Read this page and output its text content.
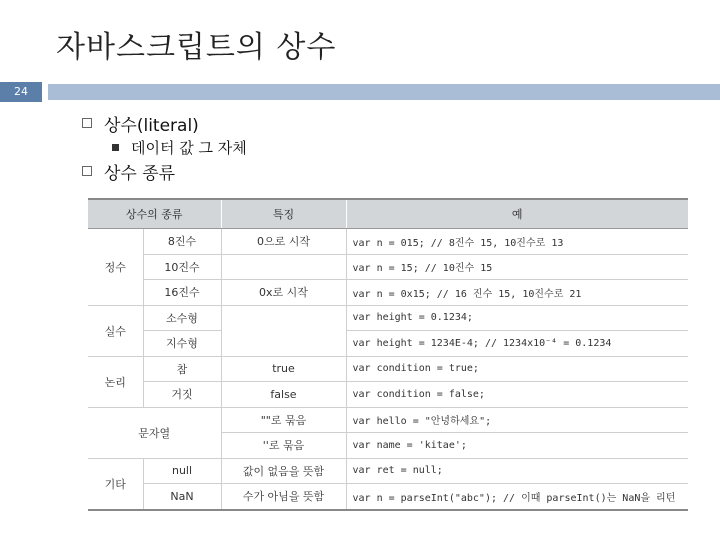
자바스크립트의 상수
24
상수(literal)
데이터 값 그 자체
상수 종류
상수의 종류		특징	예
정수	8진수	0으로 시작	var n = 015; // 8진수 15, 10진수로 13
	10진수		var n = 15; // 10진수 15
	16진수	0x로 시작	var n = 0x15; // 16 진수 15, 10진수로 21
실수	소수형		var height = 0.1234;
	지수형		var height = 1234E-4; // 1234x10⁻⁴ = 0.1234
논리	참	true	var condition = true;
	거짓	false	var condition = false;
문자열		""로 묶음	var hello = "안녕하세요";
		''로 묶음	var name = 'kitae';
기타	null	값이 없음을 뜻함	var ret = null;
	NaN	수가 아님을 뜻함	var n = parseInt("abc"); // 이때 parseInt()는 NaN을 리턴
